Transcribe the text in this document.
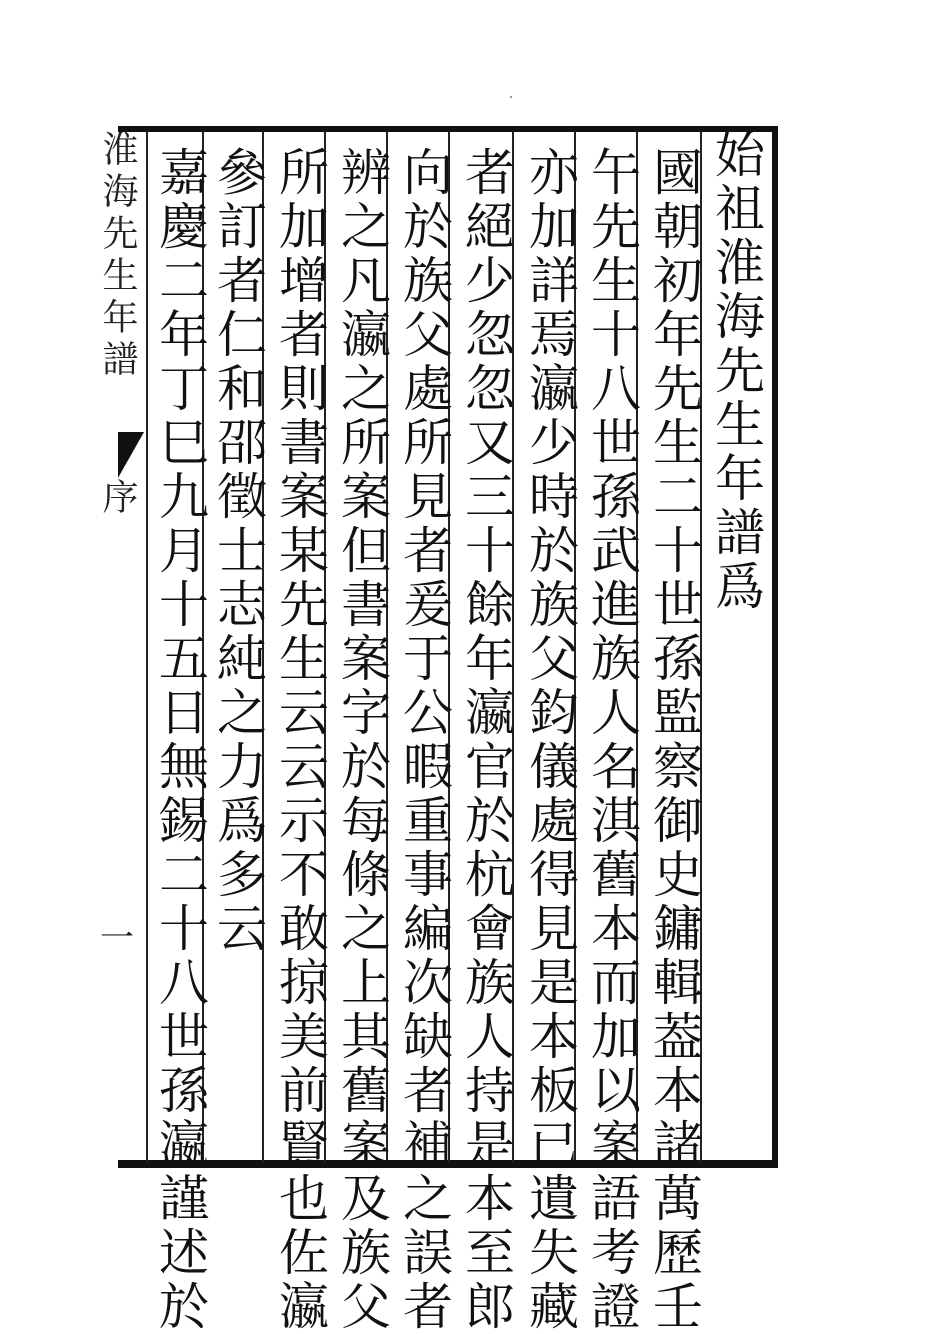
始祖淮海先生年譜爲
國朝初年先生二十世孫監察御史鏞輯葢本諸萬歷壬
午先生十八世孫武進族人名淇舊本而加以案語考證
亦加詳焉瀛少時於族父鈞儀處得見是本板已遺失藏
者絕少忽忽又三十餘年瀛官於杭會族人持是本至郎
向於族父處所見者爰于公暇重事編次缺者補之誤者
辨之凡瀛之所案但書案字於每條之上其舊案及族父
所加增者則書案某先生云云示不敢掠美前賢也佐瀛
參訂者仁和邵徵士志純之力爲多云
嘉慶二年丁巳九月十五日無錫二十八世孫瀛謹述於
淮海先生年譜
序
一
